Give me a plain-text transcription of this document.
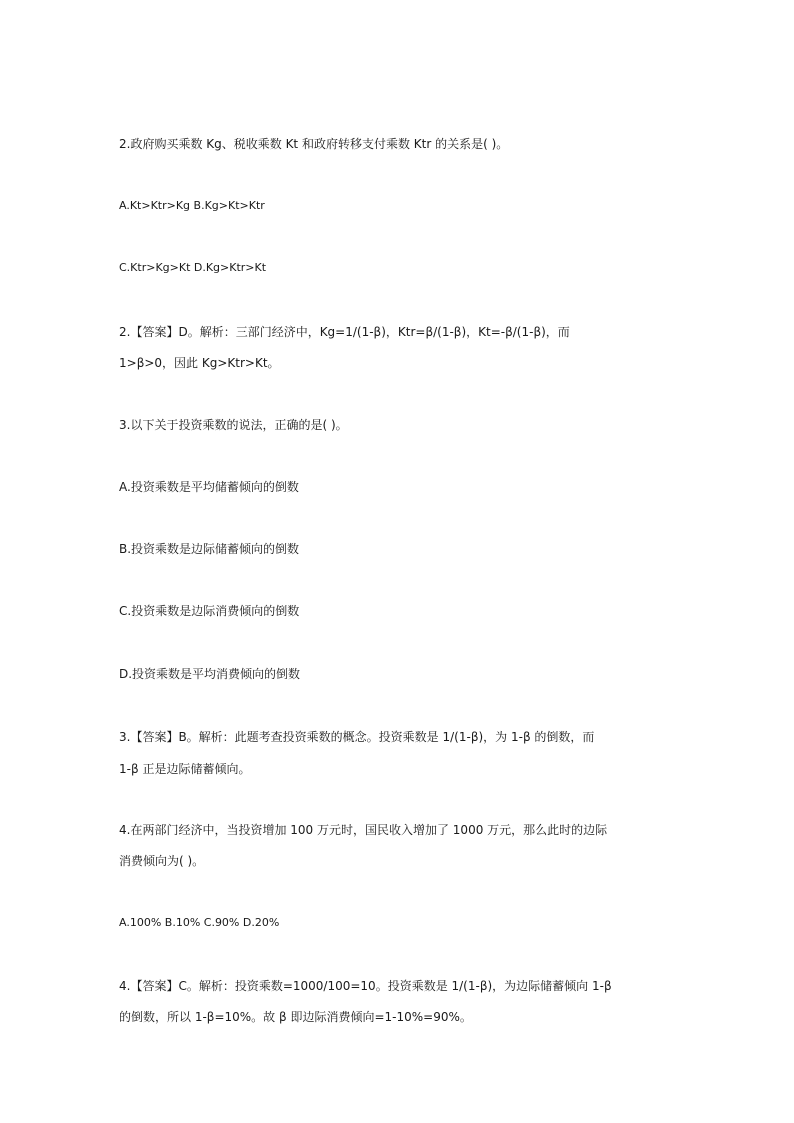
2.政府购买乘数 Kg、税收乘数 Kt 和政府转移支付乘数 Ktr 的关系是( )。
A.Kt>Ktr>Kg B.Kg>Kt>Ktr
C.Ktr>Kg>Kt D.Kg>Ktr>Kt
2.【答案】D。解析：三部门经济中，Kg=1/(1-β)，Ktr=β/(1-β)，Kt=-β/(1-β)，而
1>β>0，因此 Kg>Ktr>Kt。
3.以下关于投资乘数的说法，正确的是( )。
A.投资乘数是平均储蓄倾向的倒数
B.投资乘数是边际储蓄倾向的倒数
C.投资乘数是边际消费倾向的倒数
D.投资乘数是平均消费倾向的倒数
3.【答案】B。解析：此题考查投资乘数的概念。投资乘数是 1/(1-β)，为 1-β 的倒数，而
1-β 正是边际储蓄倾向。
4.在两部门经济中，当投资增加 100 万元时，国民收入增加了 1000 万元，那么此时的边际
消费倾向为( )。
A.100% B.10% C.90% D.20%
4.【答案】C。解析：投资乘数=1000/100=10。投资乘数是 1/(1-β)，为边际储蓄倾向 1-β
的倒数，所以 1-β=10%。故 β 即边际消费倾向=1-10%=90%。
